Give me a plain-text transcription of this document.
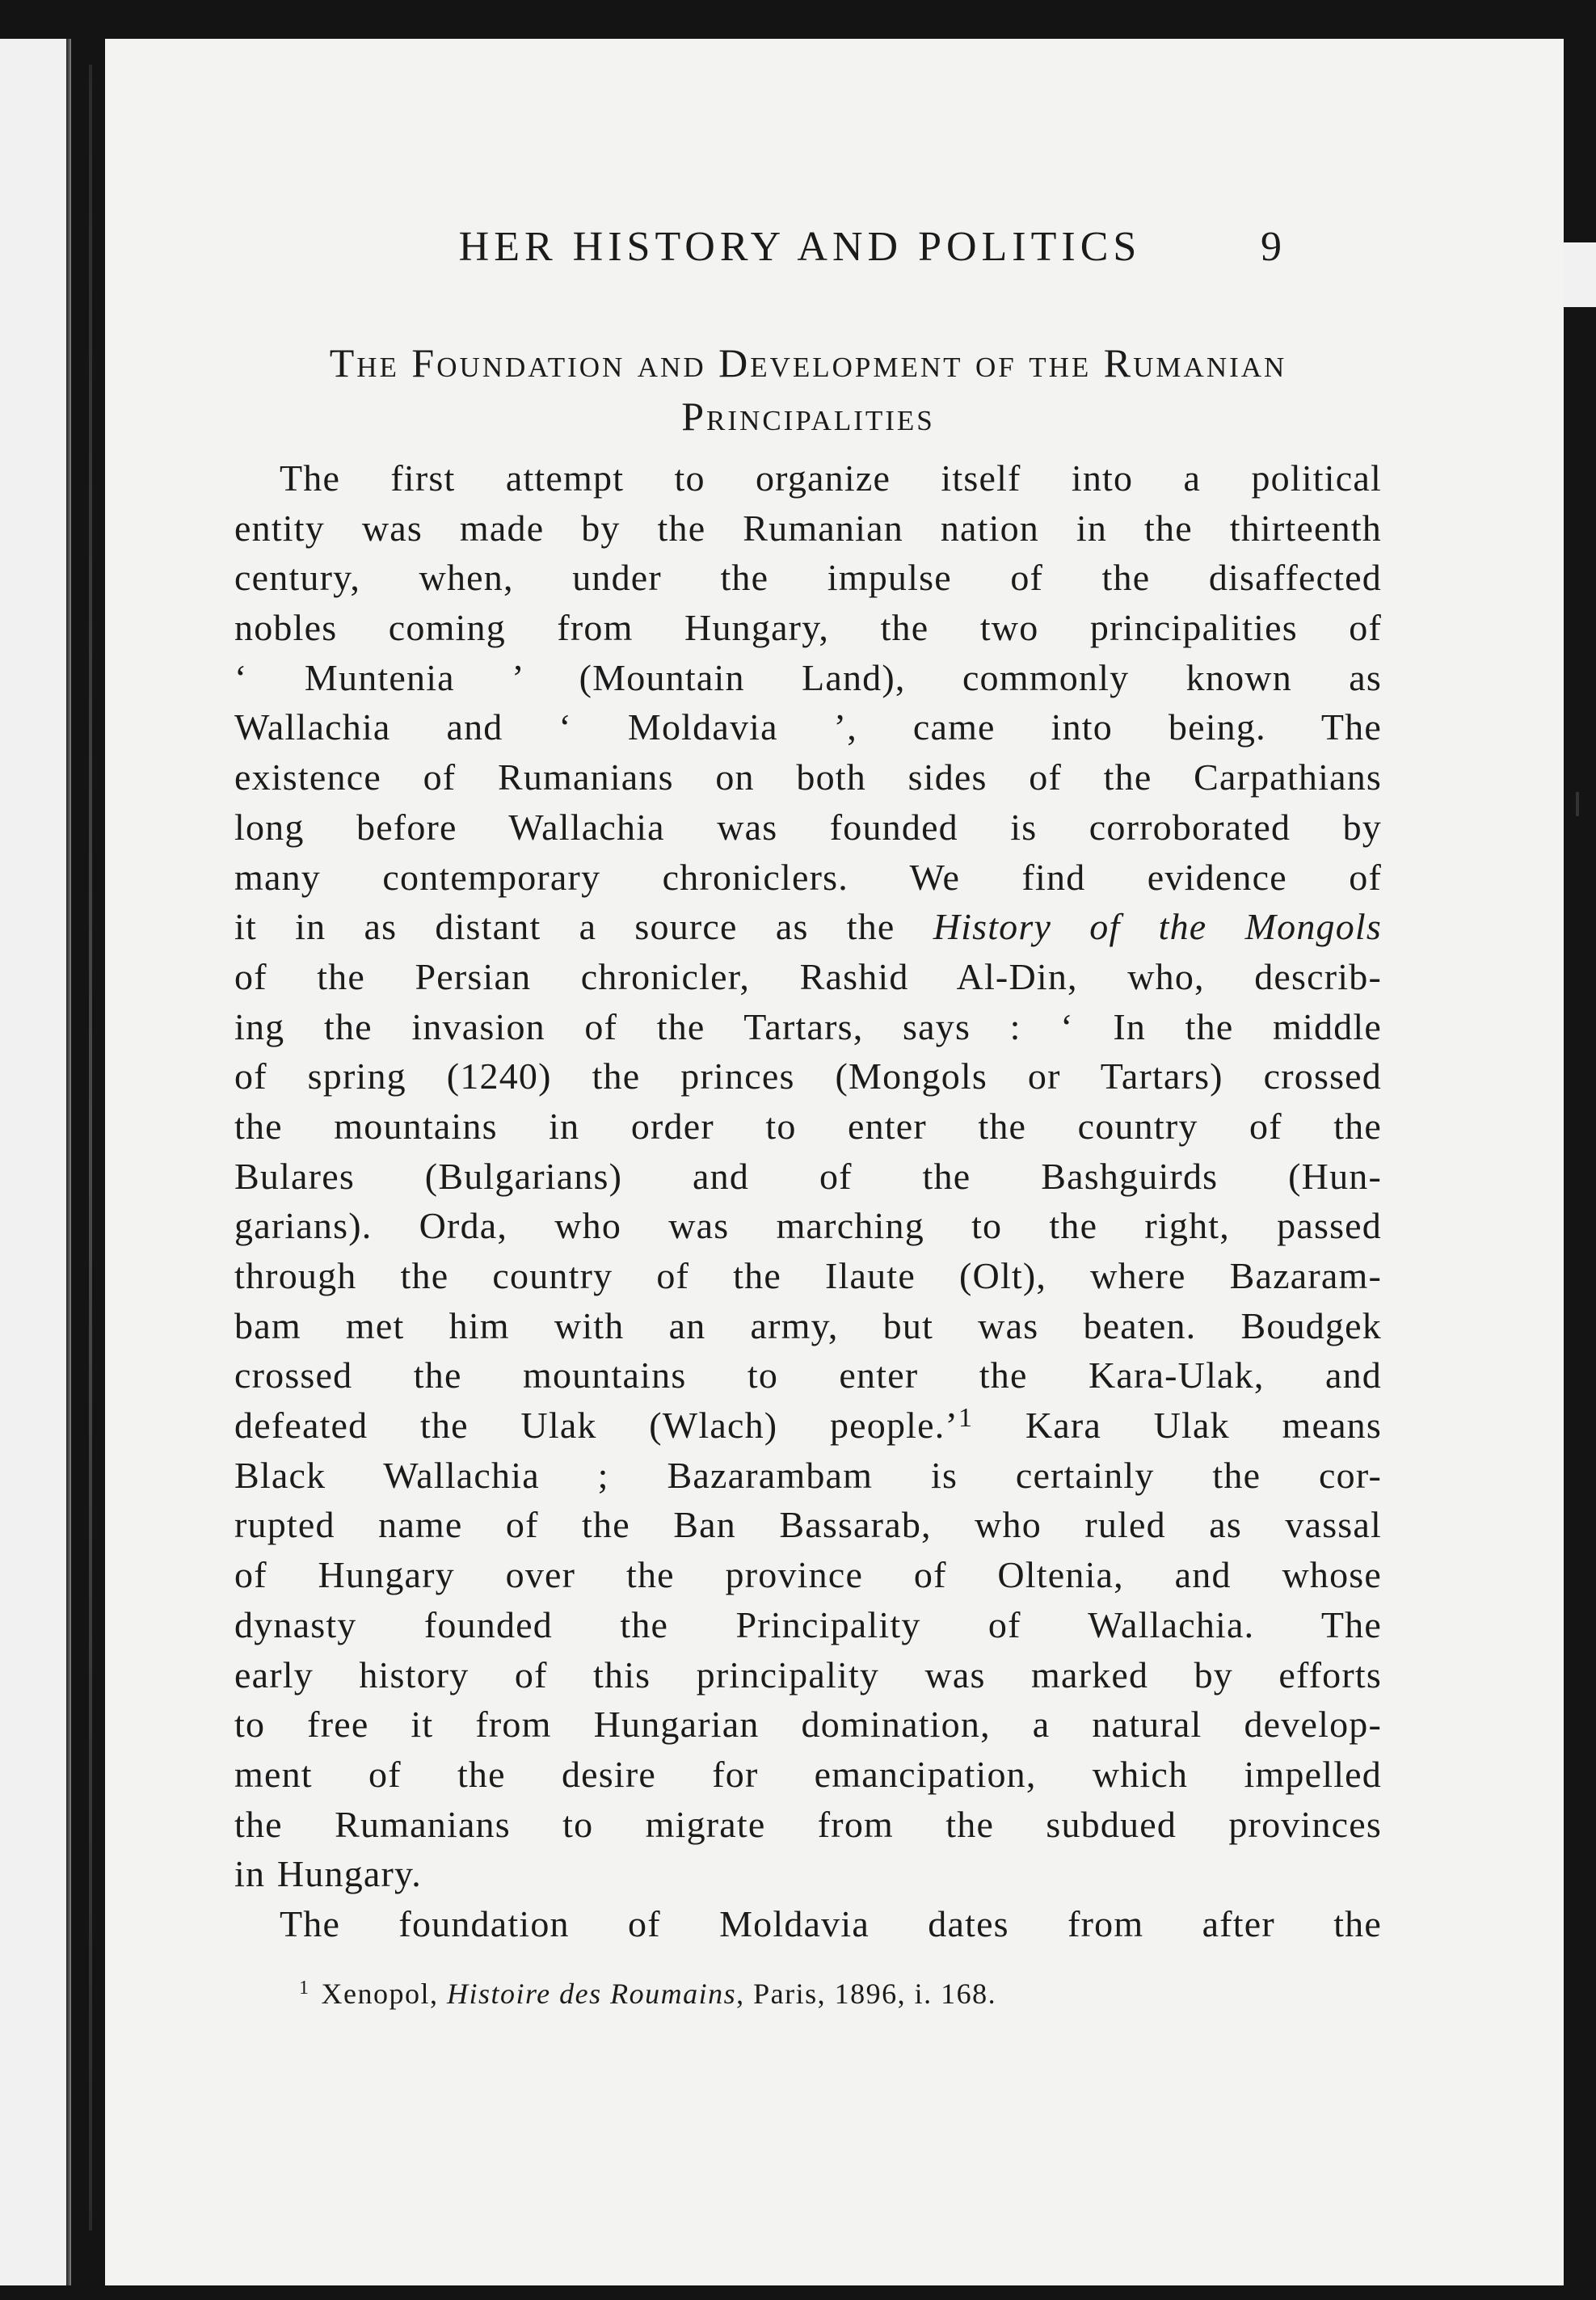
HER HISTORY AND POLITICS	9
The Foundation and Development of the Rumanian
Principalities
The first attempt to organize itself into a political
entity was made by the Rumanian nation in the thirteenth
century, when, under the impulse of the disaffected
nobles coming from Hungary, the two principalities of
‘ Muntenia ’ (Mountain Land), commonly known as
Wallachia and ‘ Moldavia ’, came into being. The
existence of Rumanians on both sides of the Carpathians
long before Wallachia was founded is corroborated by
many contemporary chroniclers. We find evidence of
it in as distant a source as the History of the Mongols
of the Persian chronicler, Rashid Al-Din, who, describ-
ing the invasion of the Tartars, says : ‘ In the middle
of spring (1240) the princes (Mongols or Tartars) crossed
the mountains in order to enter the country of the
Bulares (Bulgarians) and of the Bashguirds (Hun-
garians). Orda, who was marching to the right, passed
through the country of the Ilaute (Olt), where Bazaram-
bam met him with an army, but was beaten. Boudgek
crossed the mountains to enter the Kara-Ulak, and
defeated the Ulak (Wlach) people.’$^1$ Kara Ulak means
Black Wallachia ; Bazarambam is certainly the cor-
rupted name of the Ban Bassarab, who ruled as vassal
of Hungary over the province of Oltenia, and whose
dynasty founded the Principality of Wallachia. The
early history of this principality was marked by efforts
to free it from Hungarian domination, a natural develop-
ment of the desire for emancipation, which impelled
the Rumanians to migrate from the subdued provinces
in Hungary.
The foundation of Moldavia dates from after the
$^1$ Xenopol, Histoire des Roumains, Paris, 1896, i. 168.
